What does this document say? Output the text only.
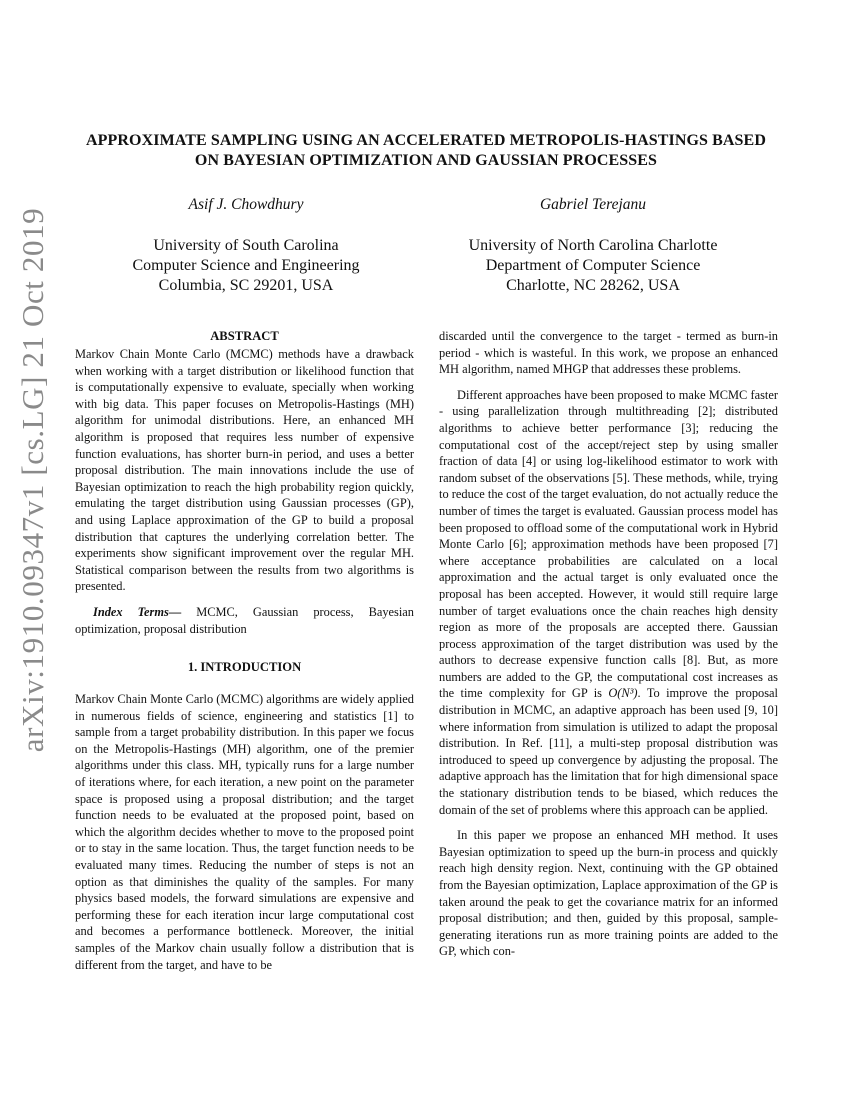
arXiv:1910.09347v1 [cs.LG] 21 Oct 2019
APPROXIMATE SAMPLING USING AN ACCELERATED METROPOLIS-HASTINGS BASED
ON BAYESIAN OPTIMIZATION AND GAUSSIAN PROCESSES
Asif J. Chowdhury
University of South Carolina
Computer Science and Engineering
Columbia, SC 29201, USA
Gabriel Terejanu
University of North Carolina Charlotte
Department of Computer Science
Charlotte, NC 28262, USA
ABSTRACT

Markov Chain Monte Carlo (MCMC) methods have a drawback when working with a target distribution or likelihood function that is computationally expensive to evaluate, specially when working with big data. This paper focuses on Metropolis-Hastings (MH) algorithm for unimodal distributions. Here, an enhanced MH algorithm is proposed that requires less number of expensive function evaluations, has shorter burn-in period, and uses a better proposal distribution. The main innovations include the use of Bayesian optimization to reach the high probability region quickly, emulating the target distribution using Gaussian processes (GP), and using Laplace approximation of the GP to build a proposal distribution that captures the underlying correlation better. The experiments show significant improvement over the regular MH. Statistical comparison between the results from two algorithms is presented.

Index Terms— MCMC, Gaussian process, Bayesian optimization, proposal distribution

1. INTRODUCTION

Markov Chain Monte Carlo (MCMC) algorithms are widely applied in numerous fields of science, engineering and statistics [1] to sample from a target probability distribution. In this paper we focus on the Metropolis-Hastings (MH) algorithm, one of the premier algorithms under this class. MH, typically runs for a large number of iterations where, for each iteration, a new point on the parameter space is proposed using a proposal distribution; and the target function needs to be evaluated at the proposed point, based on which the algorithm decides whether to move to the proposed point or to stay in the same location. Thus, the target function needs to be evaluated many times. Reducing the number of steps is not an option as that diminishes the quality of the samples. For many physics based models, the forward simulations are expensive and performing these for each iteration incur large computational cost and becomes a performance bottleneck. Moreover, the initial samples of the Markov chain usually follow a distribution that is different from the target, and have to be

discarded until the convergence to the target - termed as burn-in period - which is wasteful. In this work, we propose an enhanced MH algorithm, named MHGP that addresses these problems.

Different approaches have been proposed to make MCMC faster - using parallelization through multithreading [2]; distributed algorithms to achieve better performance [3]; reducing the computational cost of the accept/reject step by using smaller fraction of data [4] or using log-likelihood estimator to work with random subset of the observations [5]. These methods, while, trying to reduce the cost of the target evaluation, do not actually reduce the number of times the target is evaluated. Gaussian process model has been proposed to offload some of the computational work in Hybrid Monte Carlo [6]; approximation methods have been proposed [7] where acceptance probabilities are calculated on a local approximation and the actual target is only evaluated once the proposal has been accepted. However, it would still require large number of target evaluations once the chain reaches high density region as more of the proposals are accepted there. Gaussian process approximation of the target distribution was used by the authors to decrease expensive function calls [8]. But, as more numbers are added to the GP, the computational cost increases as the time complexity for GP is O(N³). To improve the proposal distribution in MCMC, an adaptive approach has been used [9, 10] where information from simulation is utilized to adapt the proposal distribution. In Ref. [11], a multi-step proposal distribution was introduced to speed up convergence by adjusting the proposal. The adaptive approach has the limitation that for high dimensional space the stationary distribution tends to be biased, which reduces the domain of the set of problems where this approach can be applied.

In this paper we propose an enhanced MH method. It uses Bayesian optimization to speed up the burn-in process and quickly reach high density region. Next, continuing with the GP obtained from the Bayesian optimization, Laplace approximation of the GP is taken around the peak to get the covariance matrix for an informed proposal distribution; and then, guided by this proposal, sample-generating iterations run as more training points are added to the GP, which con-
